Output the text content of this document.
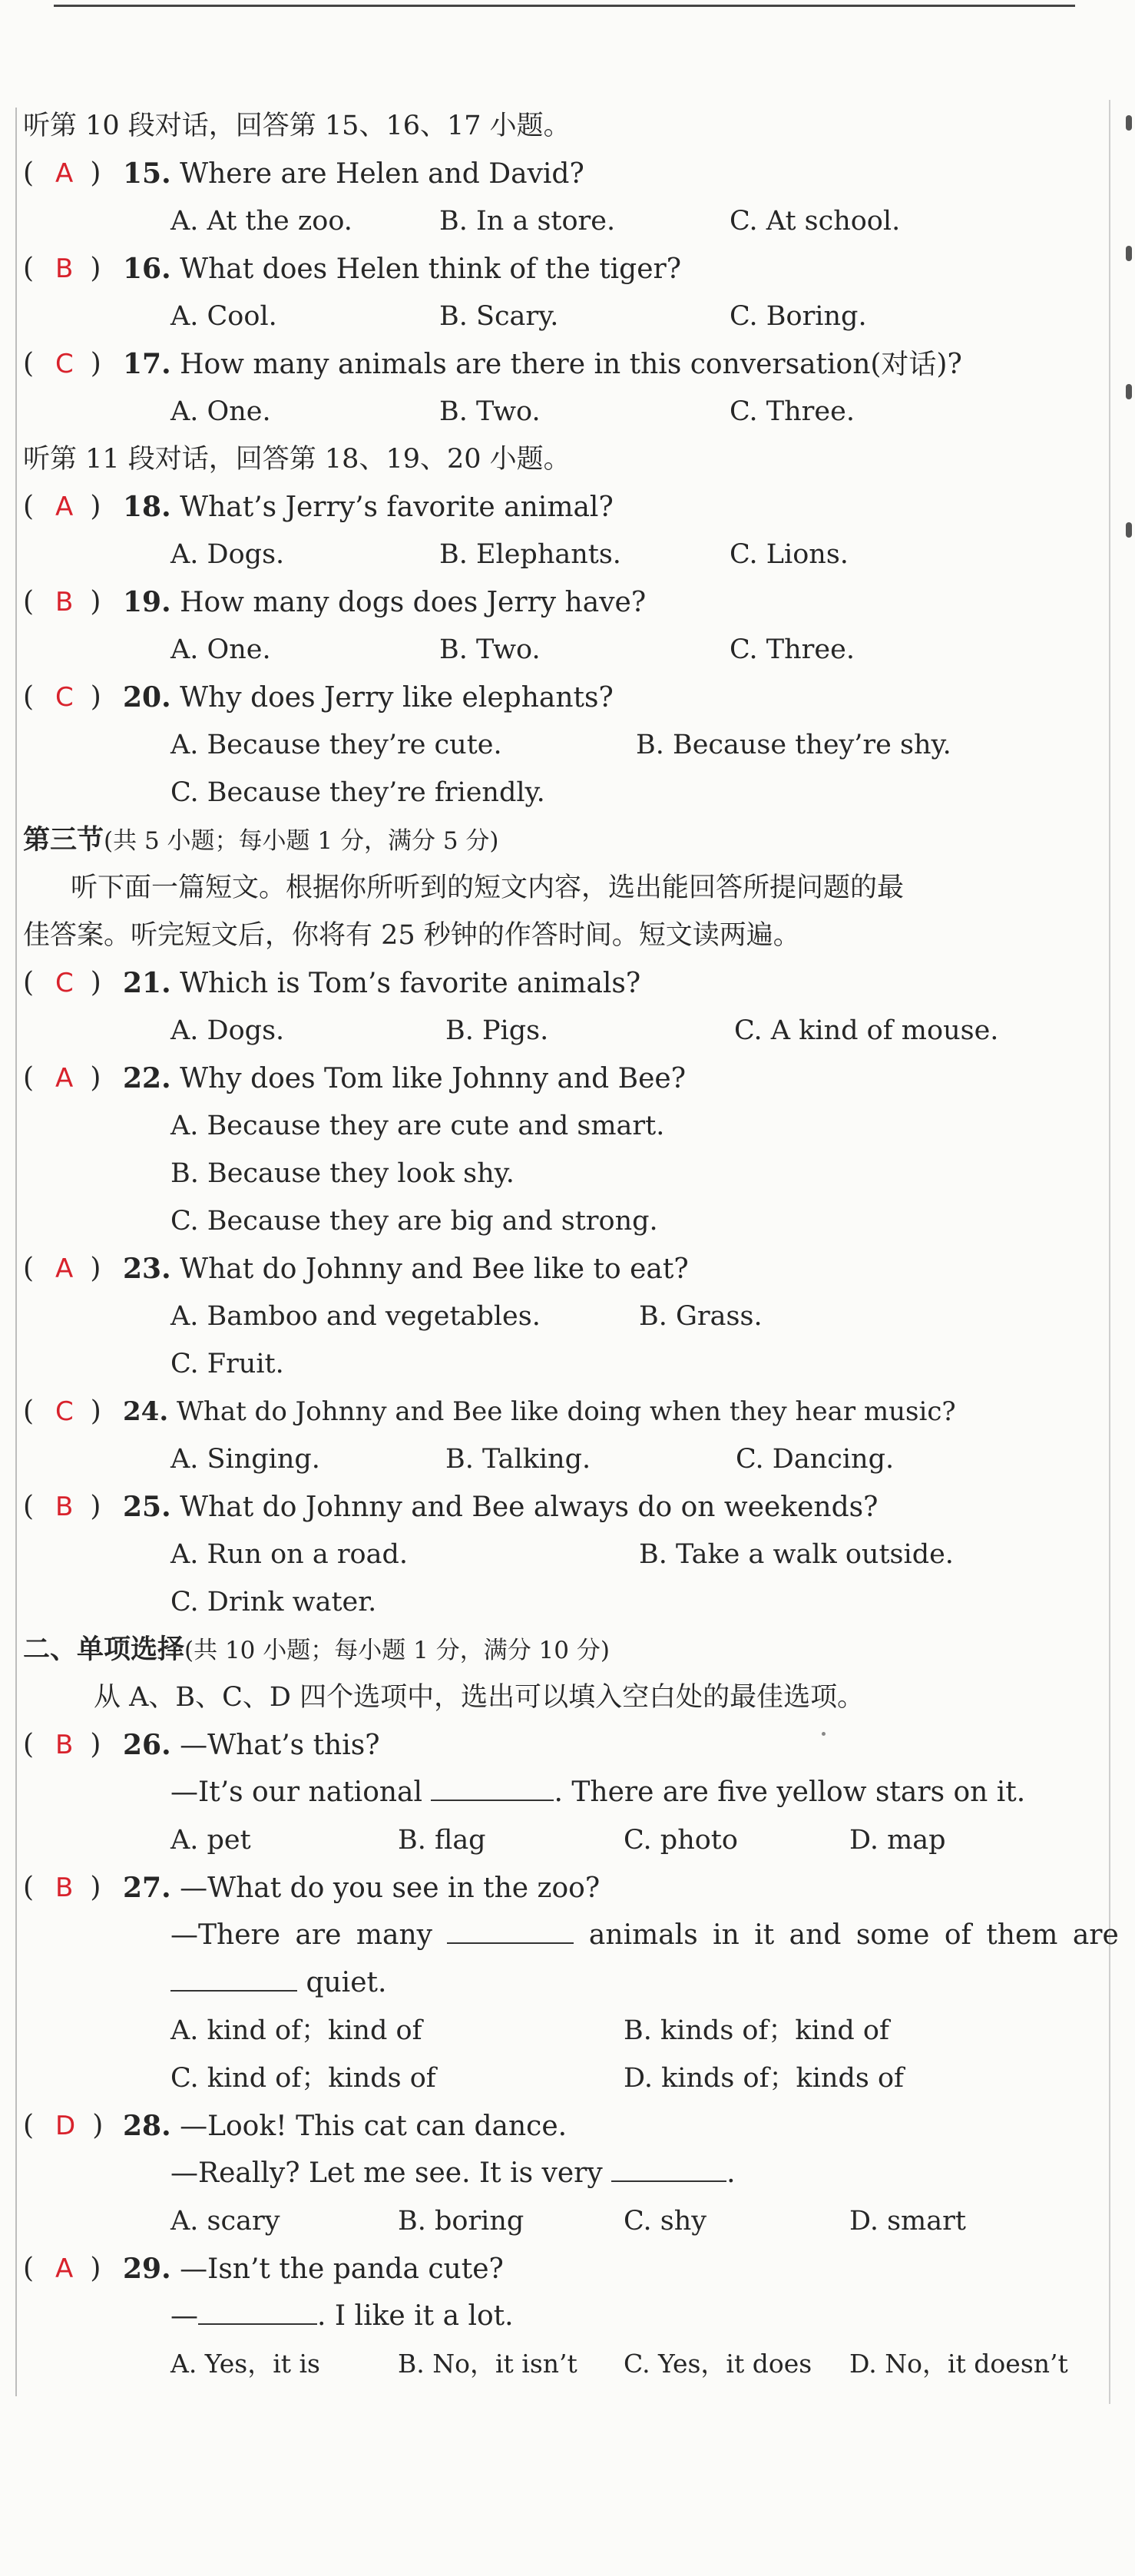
听第 10 段对话，回答第 15、16、17 小题。
( A ) 15. Where are Helen and David?
A. At the zoo.	B. In a store.	C. At school.
( B ) 16. What does Helen think of the tiger?
A. Cool.	B. Scary.	C. Boring.
( C ) 17. How many animals are there in this conversation(对话)?
A. One.	B. Two.	C. Three.
听第 11 段对话，回答第 18、19、20 小题。
( A ) 18. What’s Jerry’s favorite animal?
A. Dogs.	B. Elephants.	C. Lions.
( B ) 19. How many dogs does Jerry have?
A. One.	B. Two.	C. Three.
( C ) 20. Why does Jerry like elephants?
A. Because they’re cute.	B. Because they’re shy.
C. Because they’re friendly.
第三节(共 5 小题；每小题 1 分，满分 5 分)
听下面一篇短文。根据你所听到的短文内容，选出能回答所提问题的最
佳答案。听完短文后，你将有 25 秒钟的作答时间。短文读两遍。
( C ) 21. Which is Tom’s favorite animals?
A. Dogs.	B. Pigs.	C. A kind of mouse.
( A ) 22. Why does Tom like Johnny and Bee?
A. Because they are cute and smart.
B. Because they look shy.
C. Because they are big and strong.
( A ) 23. What do Johnny and Bee like to eat?
A. Bamboo and vegetables.	B. Grass.
C. Fruit.
( C ) 24. What do Johnny and Bee like doing when they hear music?
A. Singing.	B. Talking.	C. Dancing.
( B ) 25. What do Johnny and Bee always do on weekends?
A. Run on a road.	B. Take a walk outside.
C. Drink water.
二、单项选择(共 10 小题；每小题 1 分，满分 10 分)
从 A、B、C、D 四个选项中，选出可以填入空白处的最佳选项。
( B ) 26. —What’s this?
—It’s our national	. There are five yellow stars on it.
A. pet	B. flag	C. photo	D. map
( B ) 27. —What do you see in the zoo?
—There are many	animals in it and some of them are
quiet.
A. kind of；kind of	B. kinds of；kind of
C. kind of；kinds of	D. kinds of；kinds of
( D ) 28. —Look! This cat can dance.
—Really? Let me see. It is very	.
A. scary	B. boring	C. shy	D. smart
( A ) 29. —Isn’t the panda cute?
—	. I like it a lot.
A. Yes，it is	B. No，it isn’t C. Yes，it does D. No，it doesn’t
